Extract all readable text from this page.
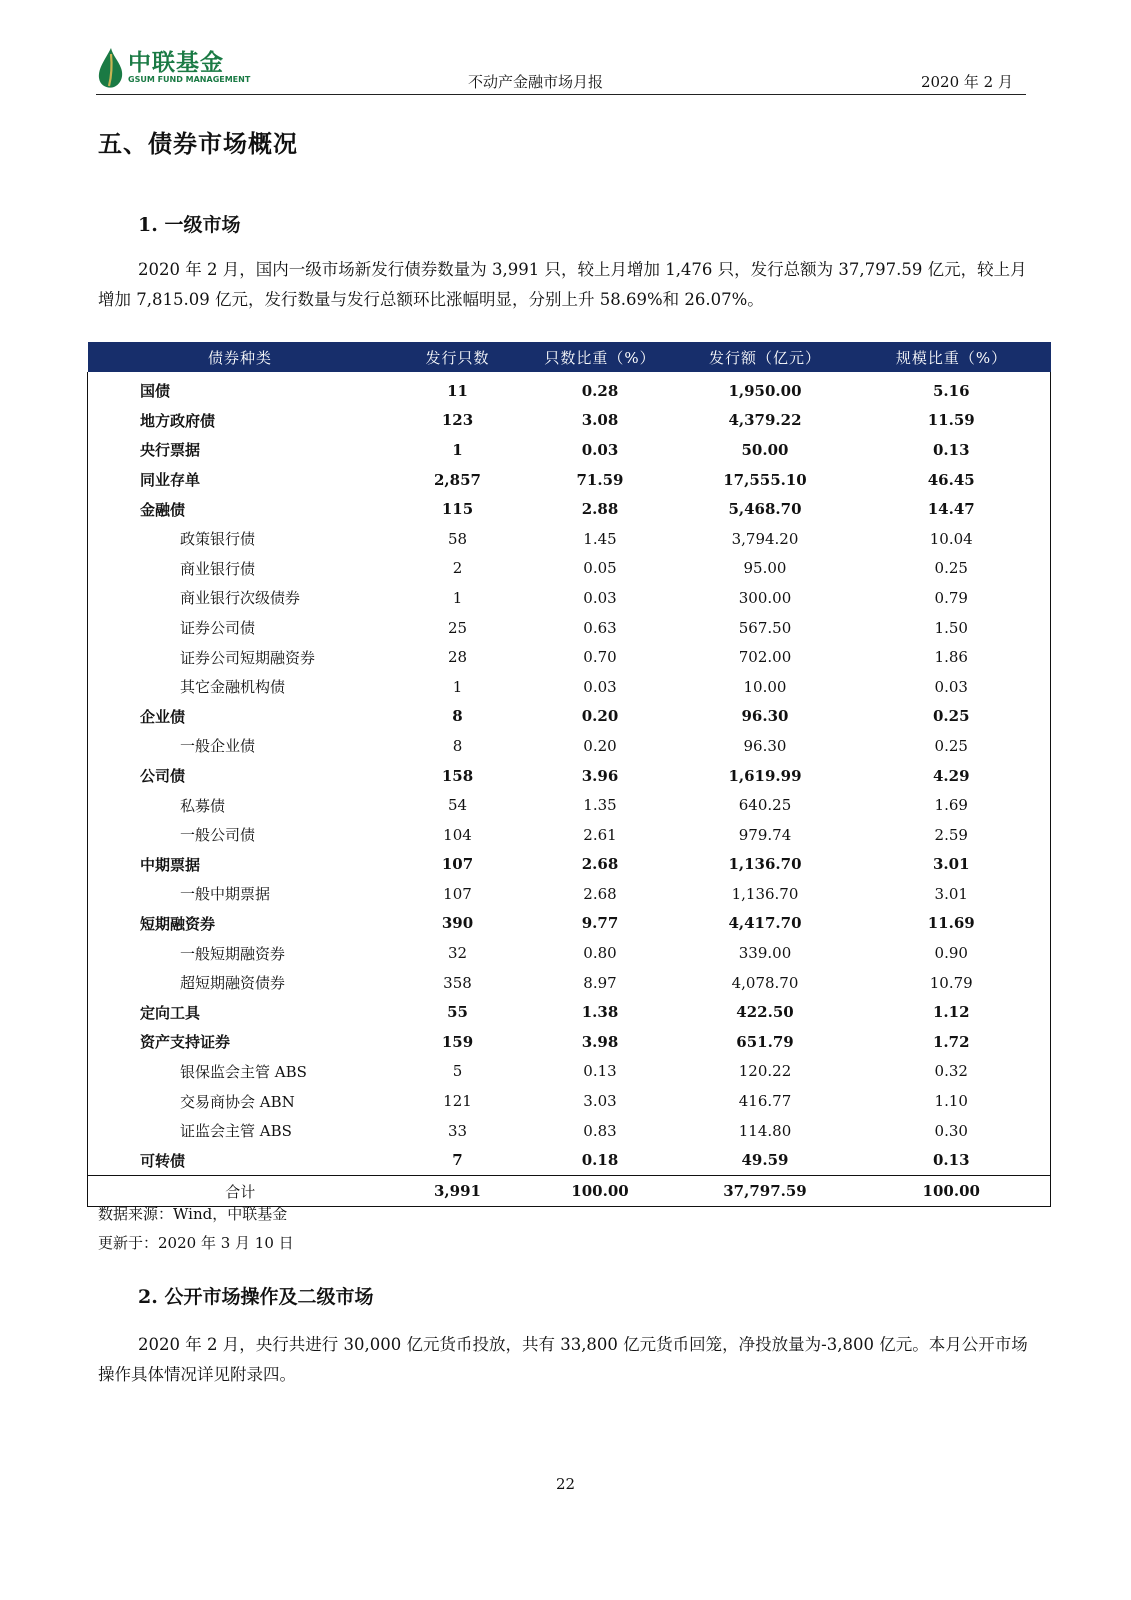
中联基金
GSUM FUND MANAGEMENT	不动产金融市场月报	2020 年 2 月
五、债券市场概况
1. 一级市场
2020 年 2 月，国内一级市场新发行债券数量为 3,991 只，较上月增加 1,476 只，发行总额为 37,797.59 亿元，较上月增加 7,815.09 亿元，发行数量与发行总额环比涨幅明显，分别上升 58.69%和 26.07%。
债券种类	发行只数	只数比重（%）	发行额（亿元）	规模比重（%）
国债	11	0.28	1,950.00	5.16
地方政府债	123	3.08	4,379.22	11.59
央行票据	1	0.03	50.00	0.13
同业存单	2,857	71.59	17,555.10	46.45
金融债	115	2.88	5,468.70	14.47
政策银行债	58	1.45	3,794.20	10.04
商业银行债	2	0.05	95.00	0.25
商业银行次级债券	1	0.03	300.00	0.79
证券公司债	25	0.63	567.50	1.50
证券公司短期融资券	28	0.70	702.00	1.86
其它金融机构债	1	0.03	10.00	0.03
企业债	8	0.20	96.30	0.25
一般企业债	8	0.20	96.30	0.25
公司债	158	3.96	1,619.99	4.29
私募债	54	1.35	640.25	1.69
一般公司债	104	2.61	979.74	2.59
中期票据	107	2.68	1,136.70	3.01
一般中期票据	107	2.68	1,136.70	3.01
短期融资券	390	9.77	4,417.70	11.69
一般短期融资券	32	0.80	339.00	0.90
超短期融资债券	358	8.97	4,078.70	10.79
定向工具	55	1.38	422.50	1.12
资产支持证券	159	3.98	651.79	1.72
银保监会主管 ABS	5	0.13	120.22	0.32
交易商协会 ABN	121	3.03	416.77	1.10
证监会主管 ABS	33	0.83	114.80	0.30
可转债	7	0.18	49.59	0.13
合计	3,991	100.00	37,797.59	100.00
数据来源：Wind，中联基金
更新于：2020 年 3 月 10 日
2. 公开市场操作及二级市场
2020 年 2 月，央行共进行 30,000 亿元货币投放，共有 33,800 亿元货币回笼，净投放量为-3,800 亿元。本月公开市场操作具体情况详见附录四。
22
